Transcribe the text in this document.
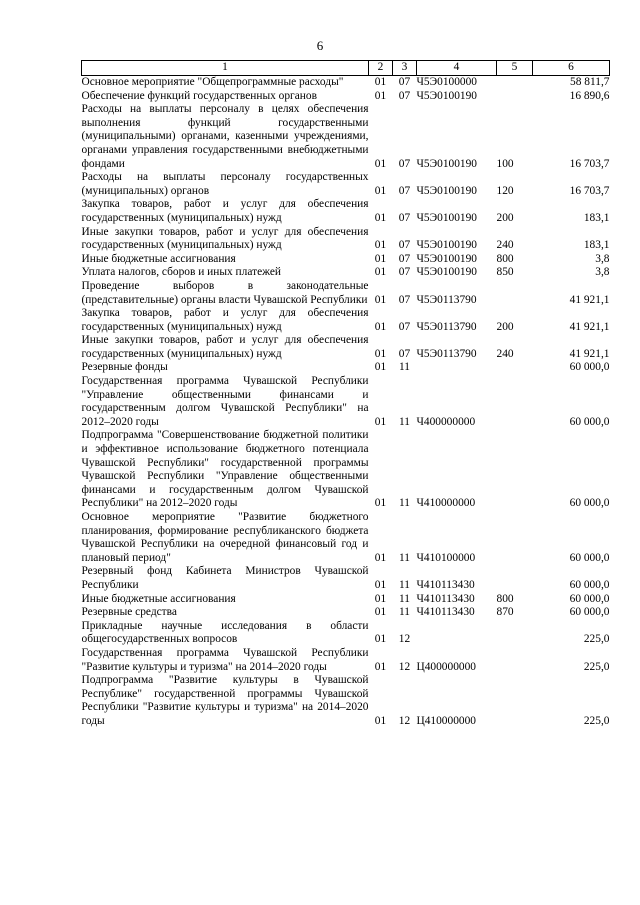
6
1	2	3	4	5	6
Основное мероприятие "Общепрограммные расходы"	01	07	Ч5Э0100000		58 811,7
Обеспечение функций государственных органов	01	07	Ч5Э0100190		16 890,6
Расходы на выплаты персоналу в целях обеспечения выполнения функций государственными (муниципальными) органами, казенными учреждениями, органами управления государственными внебюджетными фондами	01	07	Ч5Э0100190	100	16 703,7
Расходы на выплаты персоналу государственных (муниципальных) органов	01	07	Ч5Э0100190	120	16 703,7
Закупка товаров, работ и услуг для обеспечения государственных (муниципальных) нужд	01	07	Ч5Э0100190	200	183,1
Иные закупки товаров, работ и услуг для обеспечения государственных (муниципальных) нужд	01	07	Ч5Э0100190	240	183,1
Иные бюджетные ассигнования	01	07	Ч5Э0100190	800	3,8
Уплата налогов, сборов и иных платежей	01	07	Ч5Э0100190	850	3,8
Проведение выборов в законодательные (представительные) органы власти Чувашской Республики	01	07	Ч5Э0113790		41 921,1
Закупка товаров, работ и услуг для обеспечения государственных (муниципальных) нужд	01	07	Ч5Э0113790	200	41 921,1
Иные закупки товаров, работ и услуг для обеспечения государственных (муниципальных) нужд	01	07	Ч5Э0113790	240	41 921,1
Резервные фонды	01	11			60 000,0
Государственная программа Чувашской Республики "Управление общественными финансами и государственным долгом Чувашской Республики" на 2012–2020 годы	01	11	Ч400000000		60 000,0
Подпрограмма "Совершенствование бюджетной политики и эффективное использование бюджетного потенциала Чувашской Республики" государственной программы Чувашской Республики "Управление общественными финансами и государственным долгом Чувашской Республики" на 2012–2020 годы	01	11	Ч410000000		60 000,0
Основное мероприятие "Развитие бюджетного планирования, формирование республиканского бюджета Чувашской Республики на очередной финансовый год и плановый период"	01	11	Ч410100000		60 000,0
Резервный фонд Кабинета Министров Чувашской Республики	01	11	Ч410113430		60 000,0
Иные бюджетные ассигнования	01	11	Ч410113430	800	60 000,0
Резервные средства	01	11	Ч410113430	870	60 000,0
Прикладные научные исследования в области общегосударственных вопросов	01	12			225,0
Государственная программа Чувашской Республики "Развитие культуры и туризма" на 2014–2020 годы	01	12	Ц400000000		225,0
Подпрограмма "Развитие культуры в Чувашской Республике" государственной программы Чувашской Республики "Развитие культуры и туризма" на 2014–2020 годы	01	12	Ц410000000		225,0
